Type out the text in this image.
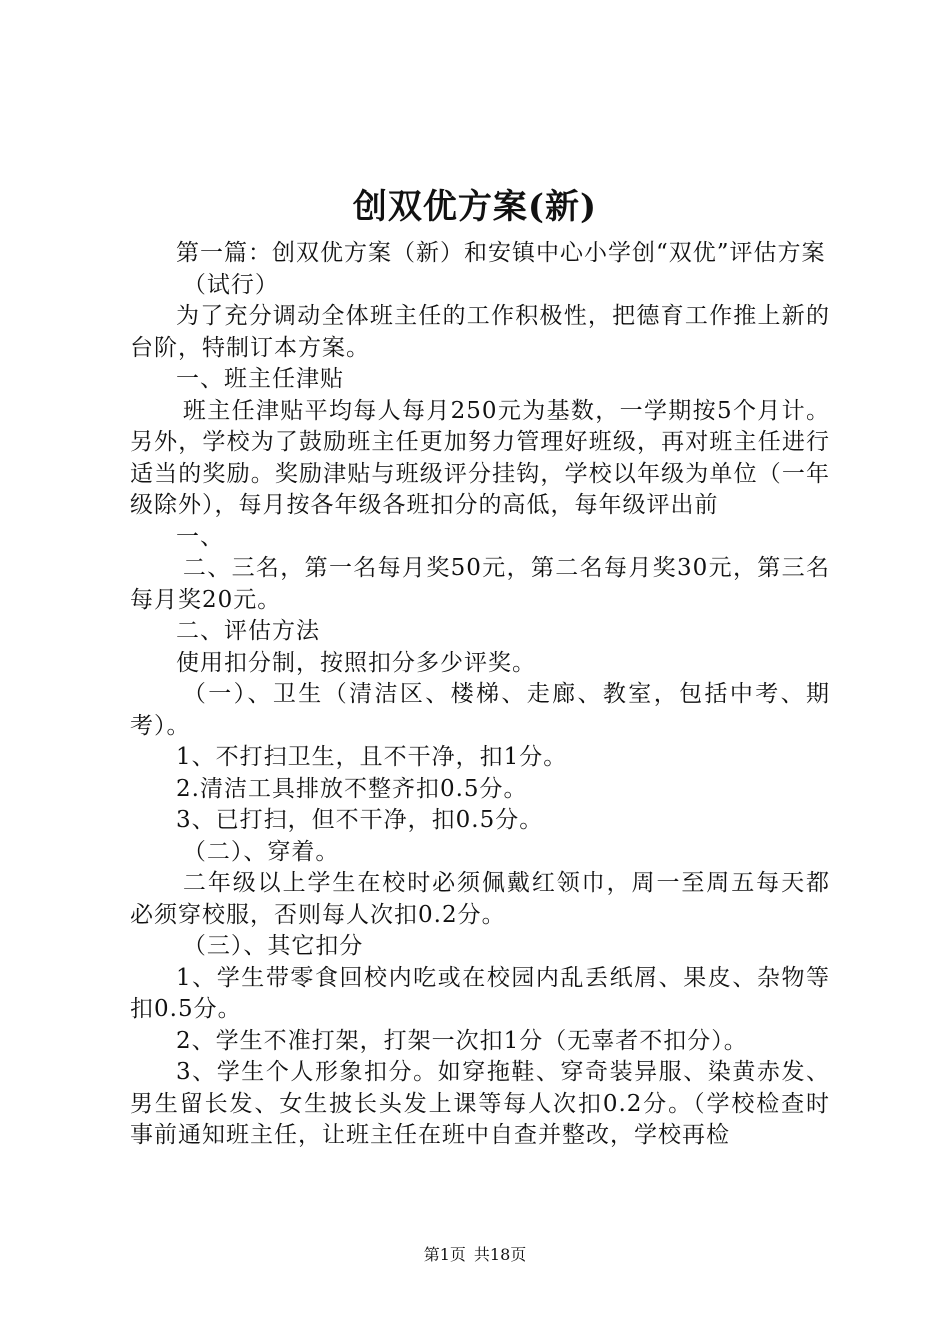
创双优方案(新)

第一篇：创双优方案（新）和安镇中心小学创“双优”评估方案

（试行）

为了充分调动全体班主任的工作积极性，把德育工作推上新的台阶，特制订本方案。

一、班主任津贴

班主任津贴平均每人每月250元为基数，一学期按5个月计。另外，学校为了鼓励班主任更加努力管理好班级，再对班主任进行适当的奖励。奖励津贴与班级评分挂钩，学校以年级为单位（一年级除外），每月按各年级各班扣分的高低，每年级评出前

一、

二、三名，第一名每月奖50元，第二名每月奖30元，第三名每月奖20元。

二、评估方法

使用扣分制，按照扣分多少评奖。

（一）、卫生（清洁区、楼梯、走廊、教室，包括中考、期考）。

1、不打扫卫生，且不干净，扣1分。

2.清洁工具排放不整齐扣0.5分。

3、已打扫，但不干净，扣0.5分。

（二）、穿着。

二年级以上学生在校时必须佩戴红领巾，周一至周五每天都必须穿校服，否则每人次扣0.2分。

（三）、其它扣分

1、学生带零食回校内吃或在校园内乱丢纸屑、果皮、杂物等扣0.5分。

2、学生不准打架，打架一次扣1分（无辜者不扣分）。

3、学生个人形象扣分。如穿拖鞋、穿奇装异服、染黄赤发、男生留长发、女生披长头发上课等每人次扣0.2分。（学校检查时事前通知班主任，让班主任在班中自查并整改，学校再检

第1页 共18页
